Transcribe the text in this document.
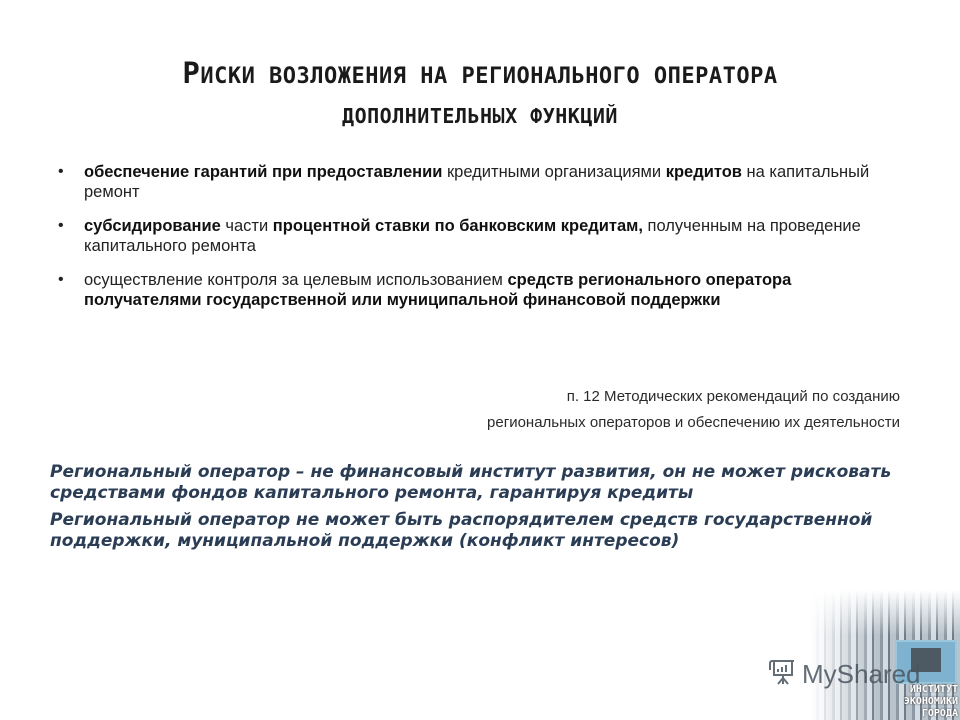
РИСКИ ВОЗЛОЖЕНИЯ НА РЕГИОНАЛЬНОГО ОПЕРАТОРА
ДОПОЛНИТЕЛЬНЫХ ФУНКЦИЙ
• обеспечение гарантий при предоставлении кредитными организациями кредитов на капитальный ремонт
• субсидирование части процентной ставки по банковским кредитам, полученным на проведение капитального ремонта
• осуществление контроля за целевым использованием средств регионального оператора получателями государственной или муниципальной финансовой поддержки
п. 12 Методических рекомендаций по созданию
региональных операторов и обеспечению их деятельности

Региональный оператор – не финансовый институт развития, он не может рисковать средствами фондов капитального ремонта, гарантируя кредиты

Региональный оператор не может быть распорядителем средств государственной поддержки, муниципальной поддержки (конфликт интересов)

MyShared
ИНСТИТУТ
ЭКОНОМИКИ
ГОРОДА
